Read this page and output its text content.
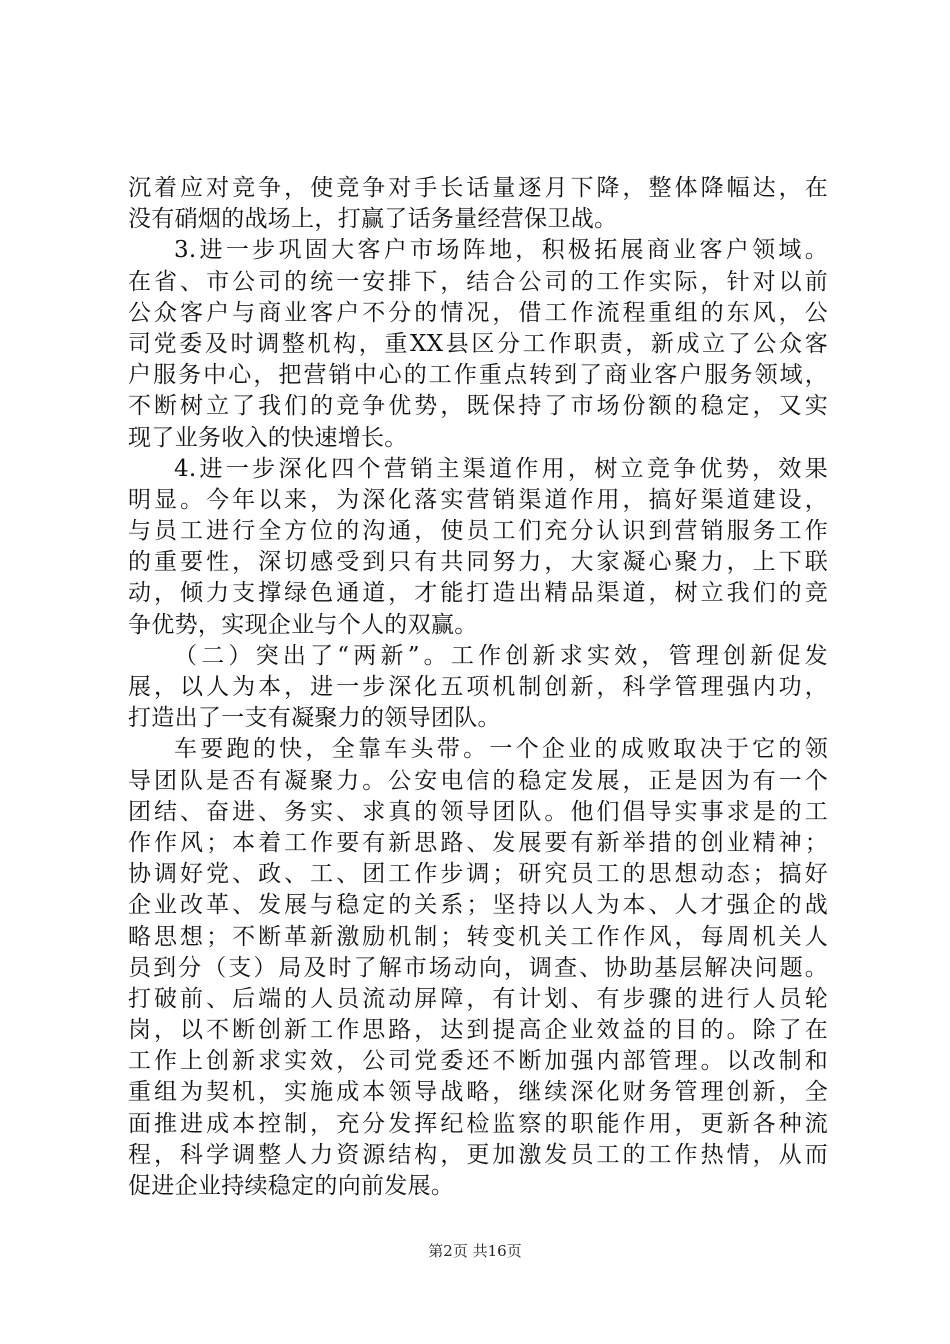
沉着应对竞争，使竞争对手长话量逐月下降，整体降幅达，在
没有硝烟的战场上，打赢了话务量经营保卫战。
3.进一步巩固大客户市场阵地，积极拓展商业客户领域。
在省、市公司的统一安排下，结合公司的工作实际，针对以前
公众客户与商业客户不分的情况，借工作流程重组的东风，公
司党委及时调整机构，重XX县区分工作职责，新成立了公众客
户服务中心，把营销中心的工作重点转到了商业客户服务领域，
不断树立了我们的竞争优势，既保持了市场份额的稳定，又实
现了业务收入的快速增长。
4.进一步深化四个营销主渠道作用，树立竞争优势，效果
明显。今年以来，为深化落实营销渠道作用，搞好渠道建设，
与员工进行全方位的沟通，使员工们充分认识到营销服务工作
的重要性，深切感受到只有共同努力，大家凝心聚力，上下联
动，倾力支撑绿色通道，才能打造出精品渠道，树立我们的竞
争优势，实现企业与个人的双赢。
（二）突出了“两新”。工作创新求实效，管理创新促发
展，以人为本，进一步深化五项机制创新，科学管理强内功，
打造出了一支有凝聚力的领导团队。
车要跑的快，全靠车头带。一个企业的成败取决于它的领
导团队是否有凝聚力。公安电信的稳定发展，正是因为有一个
团结、奋进、务实、求真的领导团队。他们倡导实事求是的工
作作风；本着工作要有新思路、发展要有新举措的创业精神；
协调好党、政、工、团工作步调；研究员工的思想动态；搞好
企业改革、发展与稳定的关系；坚持以人为本、人才强企的战
略思想；不断革新激励机制；转变机关工作作风，每周机关人
员到分（支）局及时了解市场动向，调查、协助基层解决问题。
打破前、后端的人员流动屏障，有计划、有步骤的进行人员轮
岗，以不断创新工作思路，达到提高企业效益的目的。除了在
工作上创新求实效，公司党委还不断加强内部管理。以改制和
重组为契机，实施成本领导战略，继续深化财务管理创新，全
面推进成本控制，充分发挥纪检监察的职能作用，更新各种流
程，科学调整人力资源结构，更加激发员工的工作热情，从而
促进企业持续稳定的向前发展。
第2页 共16页
